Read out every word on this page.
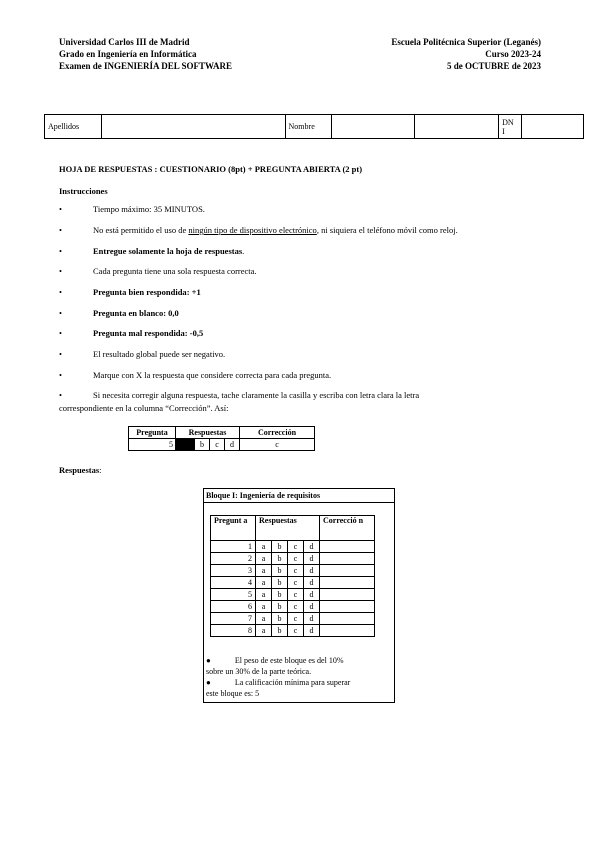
Universidad Carlos III de Madrid
Grado en Ingeniería en Informática
Examen de INGENIERÍA DEL SOFTWARE
Escuela Politécnica Superior (Leganés)
Curso 2023-24
5 de OCTUBRE de 2023
Apellidos		Nombre			DN I	
HOJA DE RESPUESTAS : CUESTIONARIO (8pt) + PREGUNTA ABIERTA (2 pt)
Instrucciones
•	Tiempo máximo: 35 MINUTOS.
•	No está permitido el uso de ningún tipo de dispositivo electrónico, ni siquiera el teléfono móvil como reloj.
•	Entregue solamente la hoja de respuestas.
•	Cada pregunta tiene una sola respuesta correcta.
•	Pregunta bien respondida: +1
•	Pregunta en blanco: 0,0
•	Pregunta mal respondida: -0,5
•	El resultado global puede ser negativo.
•	Marque con X la respuesta que considere correcta para cada pregunta.
•	Si necesita corregir alguna respuesta, tache claramente la casilla y escriba con letra clara la letra
correspondiente en la columna “Corrección”. Así:
Pregunta	Respuestas				Corrección
5		b	c	d	c
Respuestas:
Bloque I: Ingeniería de requisitos
Pregunt a	Respuestas				Correcció n
1	a	b	c	d	
2	a	b	c	d	
3	a	b	c	d	
4	a	b	c	d	
5	a	b	c	d	
6	a	b	c	d	
7	a	b	c	d	
8	a	b	c	d	
●	El peso de este bloque es del 10%
sobre un 30% de la parte teórica.
●	La calificación mínima para superar
este bloque es: 5
